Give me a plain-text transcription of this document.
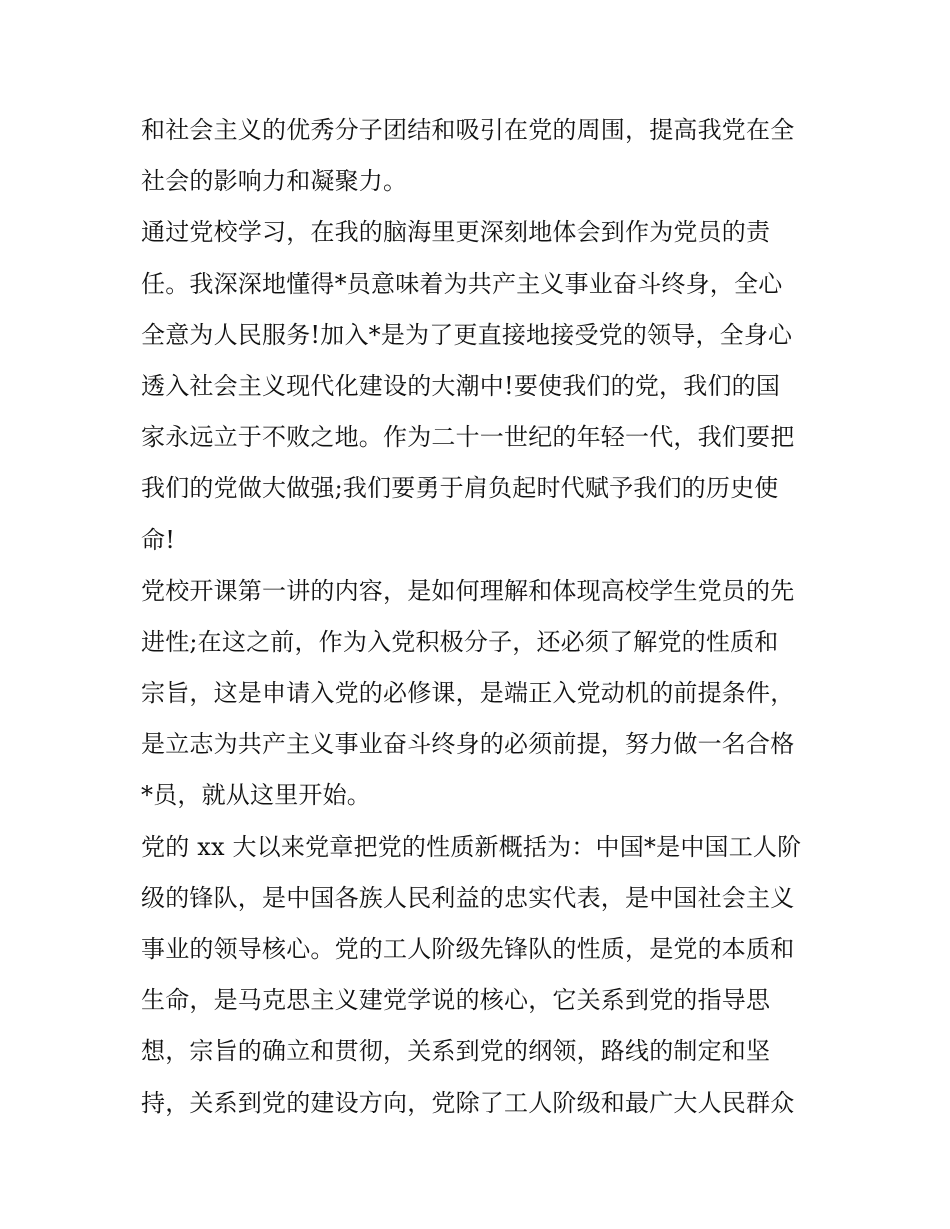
和社会主义的优秀分子团结和吸引在党的周围，提高我党在全
社会的影响力和凝聚力。
通过党校学习，在我的脑海里更深刻地体会到作为党员的责
任。我深深地懂得*员意味着为共产主义事业奋斗终身，全心
全意为人民服务!加入*是为了更直接地接受党的领导，全身心
透入社会主义现代化建设的大潮中!要使我们的党，我们的国
家永远立于不败之地。作为二十一世纪的年轻一代，我们要把
我们的党做大做强;我们要勇于肩负起时代赋予我们的历史使
命!
党校开课第一讲的内容，是如何理解和体现高校学生党员的先
进性;在这之前，作为入党积极分子，还必须了解党的性质和
宗旨，这是申请入党的必修课，是端正入党动机的前提条件，
是立志为共产主义事业奋斗终身的必须前提，努力做一名合格
*员，就从这里开始。
党的 xx 大以来党章把党的性质新概括为：中国*是中国工人阶
级的锋队，是中国各族人民利益的忠实代表，是中国社会主义
事业的领导核心。党的工人阶级先锋队的性质，是党的本质和
生命，是马克思主义建党学说的核心，它关系到党的指导思
想，宗旨的确立和贯彻，关系到党的纲领，路线的制定和坚
持，关系到党的建设方向，党除了工人阶级和最广大人民群众
